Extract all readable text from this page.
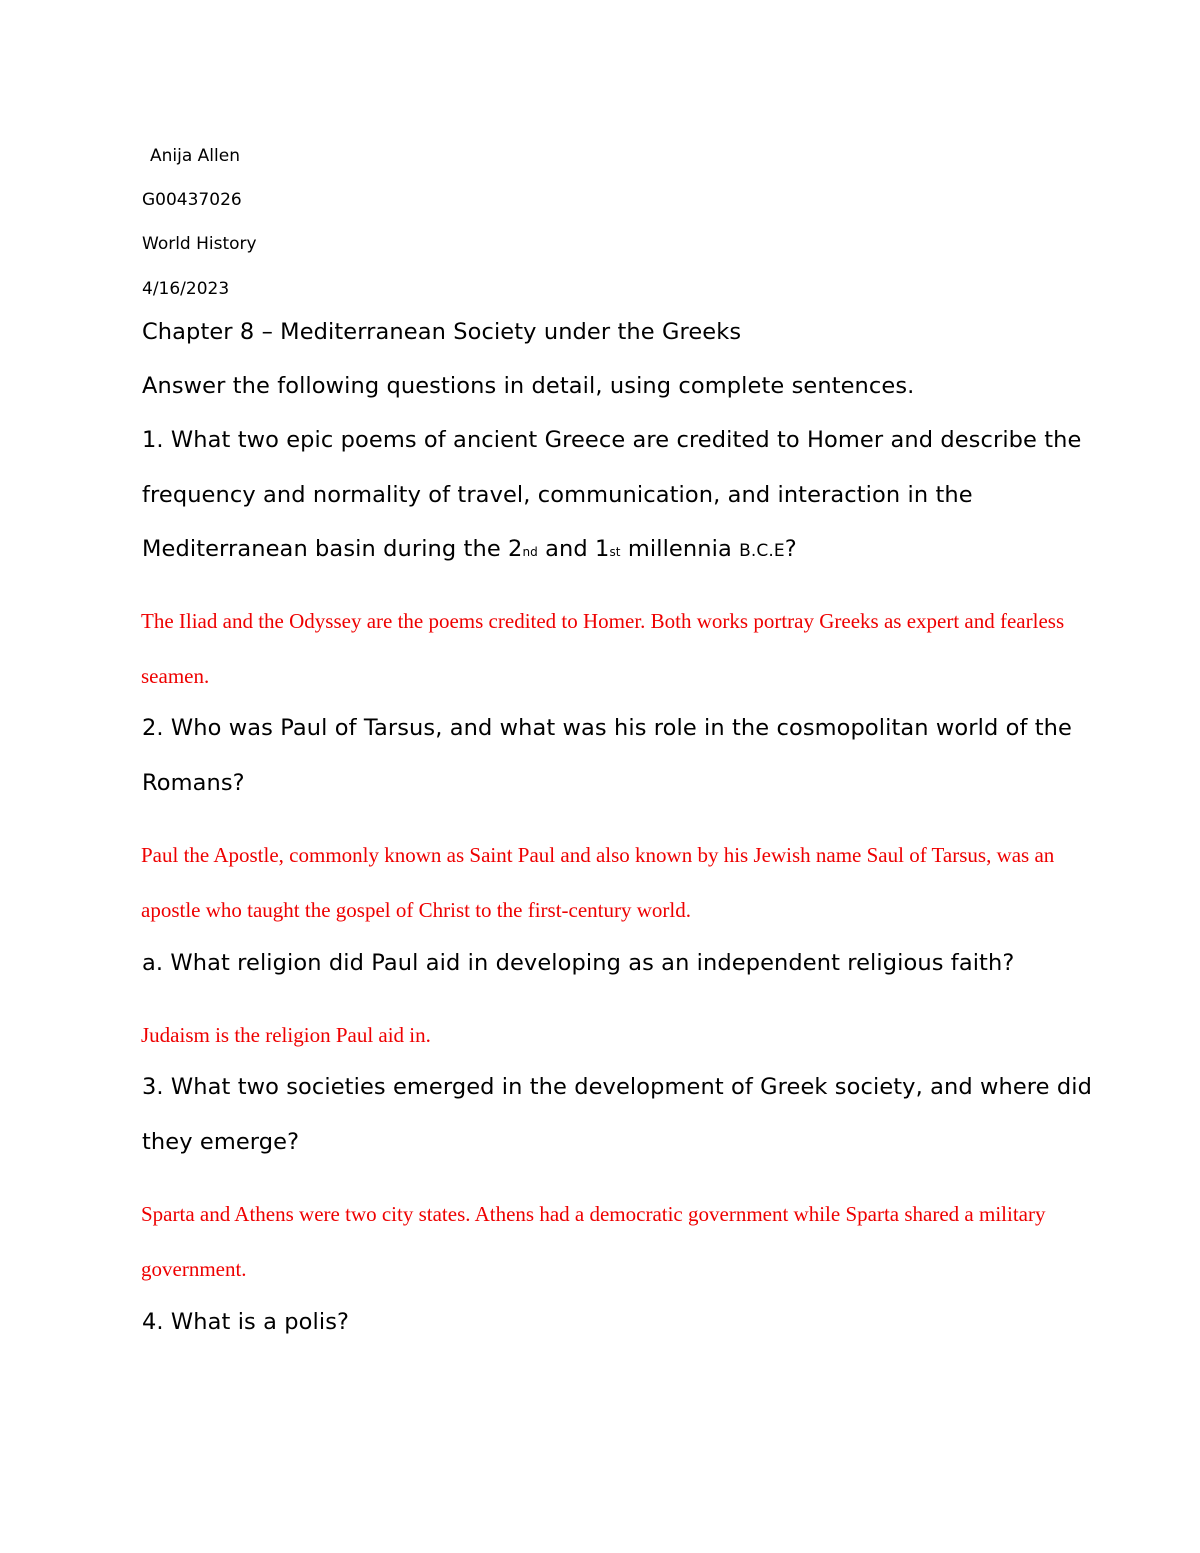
Anija Allen
G00437026
World History
4/16/2023
Chapter 8 – Mediterranean Society under the Greeks
Answer the following questions in detail, using complete sentences.
1. What two epic poems of ancient Greece are credited to Homer and describe the frequency and normality of travel, communication, and interaction in the Mediterranean basin during the 2nd and 1st millennia B.C.E?
The Iliad and the Odyssey are the poems credited to Homer. Both works portray Greeks as expert and fearless seamen.
2. Who was Paul of Tarsus, and what was his role in the cosmopolitan world of the Romans?
Paul the Apostle, commonly known as Saint Paul and also known by his Jewish name Saul of Tarsus, was an apostle who taught the gospel of Christ to the first-century world.
a. What religion did Paul aid in developing as an independent religious faith?
Judaism is the religion Paul aid in.
3. What two societies emerged in the development of Greek society, and where did they emerge?
Sparta and Athens were two city states. Athens had a democratic government while Sparta shared a military government.
4. What is a polis?
